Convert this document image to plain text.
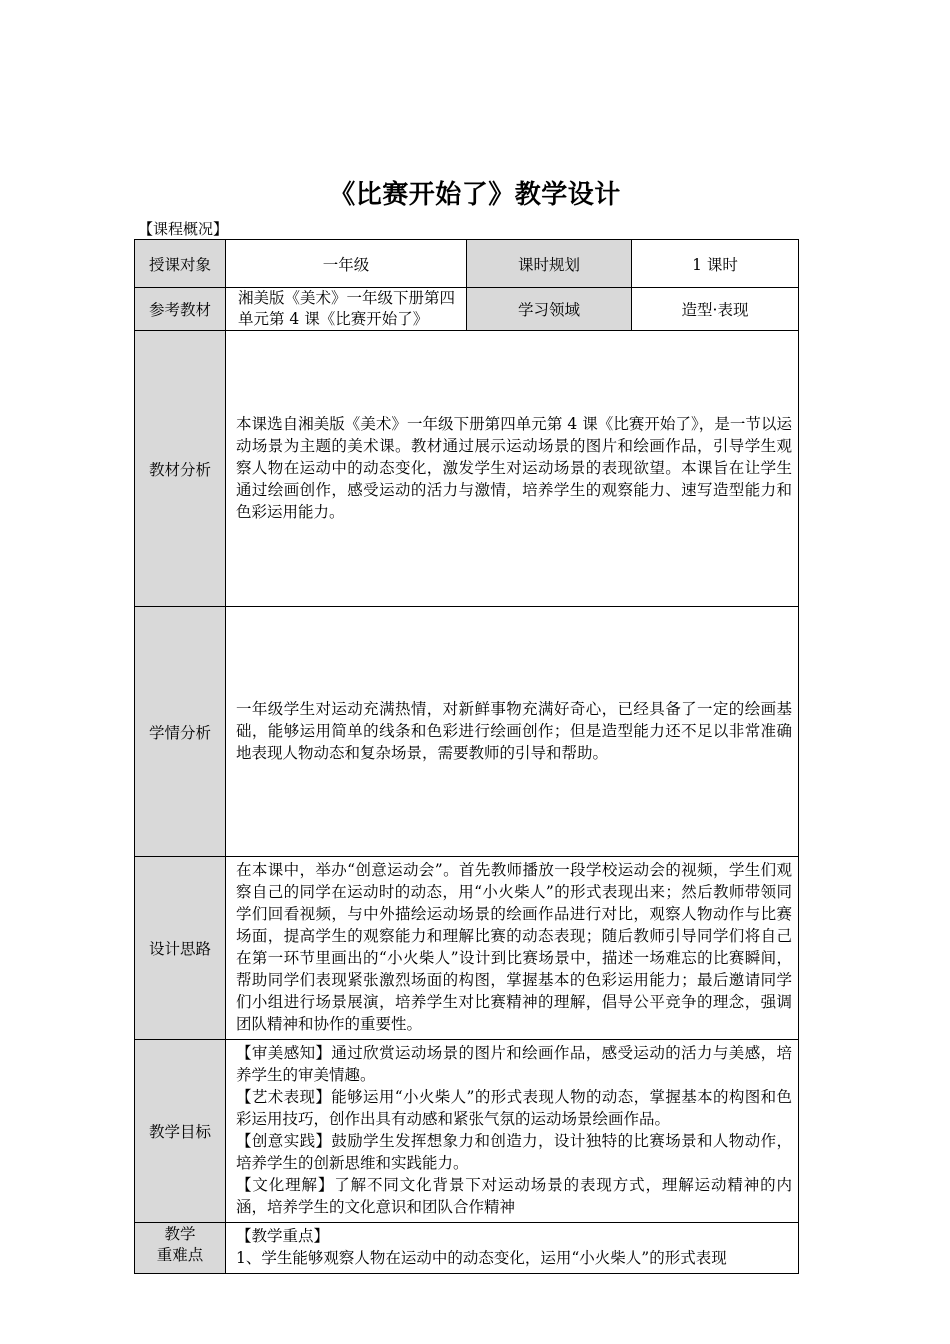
《比赛开始了》教学设计
【课程概况】
授课对象	一年级	课时规划	1 课时
参考教材	湘美版《美术》一年级下册第四单元第 4 课《比赛开始了》	学习领域	造型·表现
教材分析	本课选自湘美版《美术》一年级下册第四单元第 4 课《比赛开始了》，是一节以运动场景为主题的美术课。教材通过展示运动场景的图片和绘画作品，引导学生观察人物在运动中的动态变化，激发学生对运动场景的表现欲望。本课旨在让学生通过绘画创作，感受运动的活力与激情，培养学生的观察能力、速写造型能力和色彩运用能力。		
学情分析	一年级学生对运动充满热情，对新鲜事物充满好奇心，已经具备了一定的绘画基础，能够运用简单的线条和色彩进行绘画创作；但是造型能力还不足以非常准确地表现人物动态和复杂场景，需要教师的引导和帮助。		
设计思路	在本课中，举办“创意运动会”。首先教师播放一段学校运动会的视频，学生们观察自己的同学在运动时的动态，用“小火柴人”的形式表现出来；然后教师带领同学们回看视频，与中外描绘运动场景的绘画作品进行对比，观察人物动作与比赛场面，提高学生的观察能力和理解比赛的动态表现；随后教师引导同学们将自己在第一环节里画出的“小火柴人”设计到比赛场景中，描述一场难忘的比赛瞬间，帮助同学们表现紧张激烈场面的构图，掌握基本的色彩运用能力；最后邀请同学们小组进行场景展演，培养学生对比赛精神的理解，倡导公平竞争的理念，强调团队精神和协作的重要性。		
教学目标	【审美感知】通过欣赏运动场景的图片和绘画作品，感受运动的活力与美感，培养学生的审美情趣。
【艺术表现】能够运用“小火柴人”的形式表现人物的动态，掌握基本的构图和色彩运用技巧，创作出具有动感和紧张气氛的运动场景绘画作品。
【创意实践】鼓励学生发挥想象力和创造力，设计独特的比赛场景和人物动作，培养学生的创新思维和实践能力。
【文化理解】了解不同文化背景下对运动场景的表现方式，理解运动精神的内涵，培养学生的文化意识和团队合作精神		

教学
重难点	【教学重点】
1、学生能够观察人物在运动中的动态变化，运用“小火柴人”的形式表现		
